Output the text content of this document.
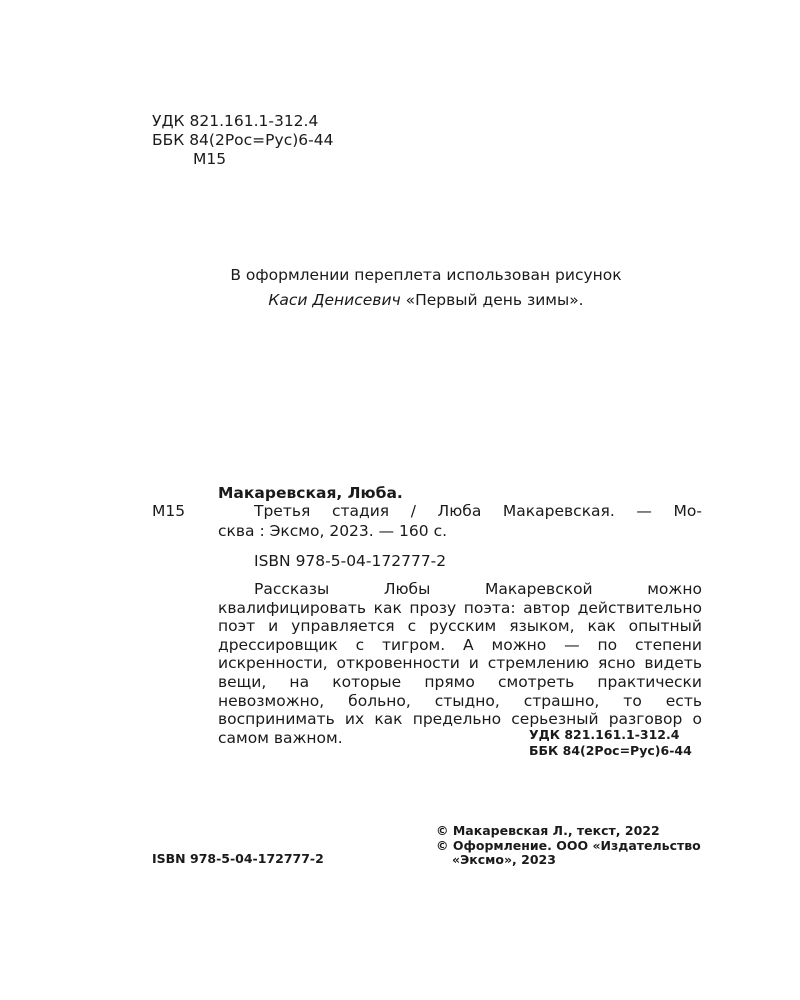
УДК 821.161.1-312.4
ББК 84(2Рос=Рус)6-44
М15
В оформлении переплета использован рисунок
Каси Денисевич «Первый день зимы».
Макаревская, Люба.
М15	Третья стадия / Люба Макаревская. — Мо-
сква : Эксмо, 2023. — 160 с.
ISBN 978-5-04-172777-2
Рассказы Любы Макаревской можно квалифицировать как прозу поэта: автор действительно поэт и управляется с русским языком, как опытный дрессировщик с тигром. А можно — по степени искренности, откровенности и стремлению ясно видеть вещи, на которые прямо смотреть практически невозможно, больно, стыдно, страшно, то есть воспринимать их как предельно серьезный разговор о самом важном.	УДК 821.161.1-312.4
ББК 84(2Рос=Рус)6-44
ISBN 978-5-04-172777-2
© Макаревская Л., текст, 2022
© Оформление. ООО «Издательство
«Эксмо», 2023
